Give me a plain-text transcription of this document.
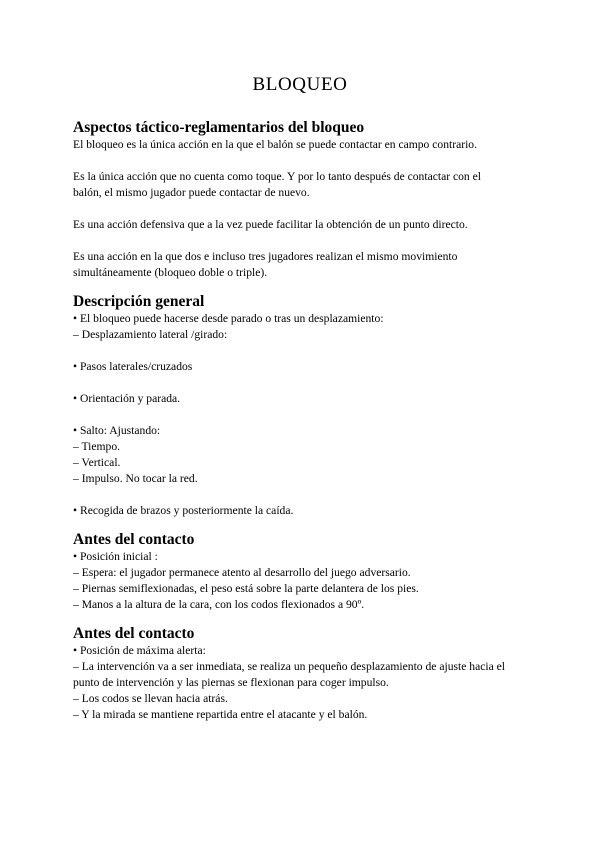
BLOQUEO
Aspectos táctico-reglamentarios del bloqueo

El bloqueo es la única acción en la que el balón se puede contactar en campo contrario.

Es la única acción que no cuenta como toque. Y por lo tanto después de contactar con el

balón, el mismo jugador puede contactar de nuevo.

Es una acción defensiva que a la vez puede facilitar la obtención de un punto directo.

Es una acción en la que dos e incluso tres jugadores realizan el mismo movimiento

simultáneamente (bloqueo doble o triple).

Descripción general

• El bloqueo puede hacerse desde parado o tras un desplazamiento:

– Desplazamiento lateral /girado:

• Pasos laterales/cruzados

• Orientación y parada.

• Salto: Ajustando:

– Tiempo.

– Vertical.

– Impulso. No tocar la red.

• Recogida de brazos y posteriormente la caída.

Antes del contacto

• Posición inicial :

– Espera: el jugador permanece atento al desarrollo del juego adversario.

– Piernas semiflexionadas, el peso está sobre la parte delantera de los pies.

– Manos a la altura de la cara, con los codos flexionados a 90º.

Antes del contacto

• Posición de máxima alerta:

– La intervención va a ser inmediata, se realiza un pequeño desplazamiento de ajuste hacia el

punto de intervención y las piernas se flexionan para coger impulso.

– Los codos se llevan hacia atrás.

– Y la mirada se mantiene repartida entre el atacante y el balón.
